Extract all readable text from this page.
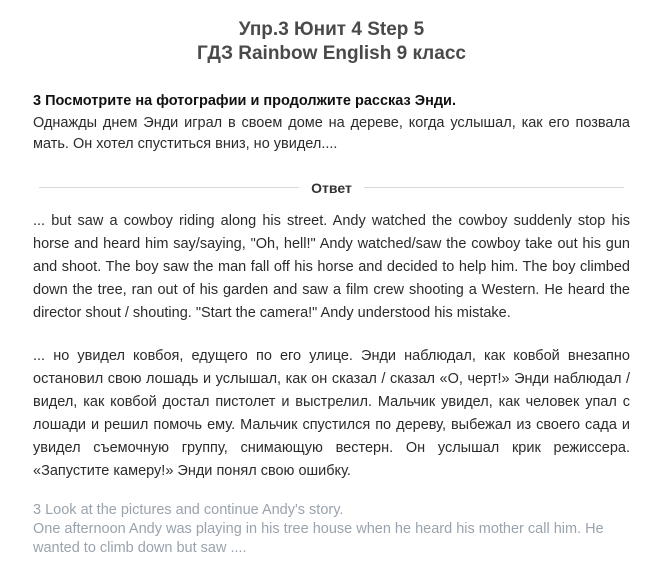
Упр.3 Юнит 4 Step 5
ГДЗ Rainbow English 9 класс
3 Посмотрите на фотографии и продолжите рассказ Энди.
Однажды днем Энди играл в своем доме на дереве, когда услышал, как его позвала мать. Он хотел спуститься вниз, но увидел....
Ответ
... but saw a cowboy riding along his street. Andy watched the cowboy suddenly stop his horse and heard him say/saying, "Oh, hell!" Andy watched/saw the cowboy take out his gun and shoot. The boy saw the man fall off his horse and decided to help him. The boy climbed down the tree, ran out of his garden and saw a film crew shooting a Western. He heard the director shout / shouting. "Start the camera!" Andy understood his mistake.
... но увидел ковбоя, едущего по его улице. Энди наблюдал, как ковбой внезапно остановил свою лошадь и услышал, как он сказал / сказал «О, черт!» Энди наблюдал / видел, как ковбой достал пистолет и выстрелил. Мальчик увидел, как человек упал с лошади и решил помочь ему. Мальчик спустился по дереву, выбежал из своего сада и увидел съемочную группу, снимающую вестерн. Он услышал крик режиссера. «Запустите камеру!» Энди понял свою ошибку.
3 Look at the pictures and continue Andy's story.
One afternoon Andy was playing in his tree house when he heard his mother call him. He wanted to climb down but saw ....
